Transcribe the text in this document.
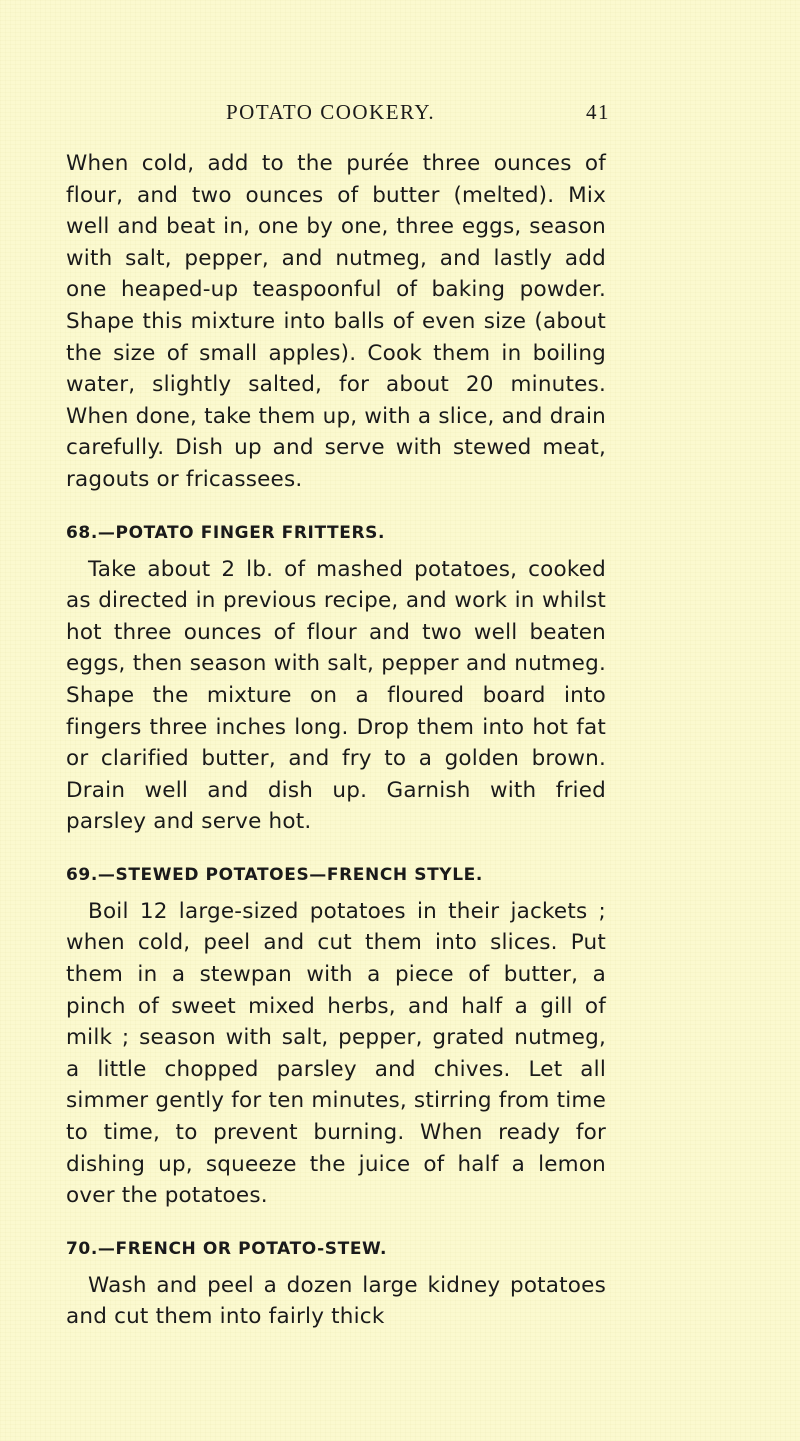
POTATO COOKERY.	41

When cold, add to the purée three ounces of flour, and two ounces of butter (melted). Mix well and beat in, one by one, three eggs, season with salt, pepper, and nutmeg, and lastly add one heaped-up teaspoonful of baking powder. Shape this mixture into balls of even size (about the size of small apples). Cook them in boiling water, slightly salted, for about 20 minutes. When done, take them up, with a slice, and drain carefully. Dish up and serve with stewed meat, ragouts or fricassees.

68.—POTATO FINGER FRITTERS.

Take about 2 lb. of mashed potatoes, cooked as directed in previous recipe, and work in whilst hot three ounces of flour and two well beaten eggs, then season with salt, pepper and nutmeg. Shape the mixture on a floured board into fingers three inches long. Drop them into hot fat or clarified butter, and fry to a golden brown. Drain well and dish up. Garnish with fried parsley and serve hot.

69.—STEWED POTATOES—FRENCH STYLE.

Boil 12 large-sized potatoes in their jackets ; when cold, peel and cut them into slices. Put them in a stewpan with a piece of butter, a pinch of sweet mixed herbs, and half a gill of milk ; season with salt, pepper, grated nutmeg, a little chopped parsley and chives. Let all simmer gently for ten minutes, stirring from time to time, to prevent burning. When ready for dishing up, squeeze the juice of half a lemon over the potatoes.

70.—FRENCH OR POTATO-STEW.

Wash and peel a dozen large kidney potatoes and cut them into fairly thick
